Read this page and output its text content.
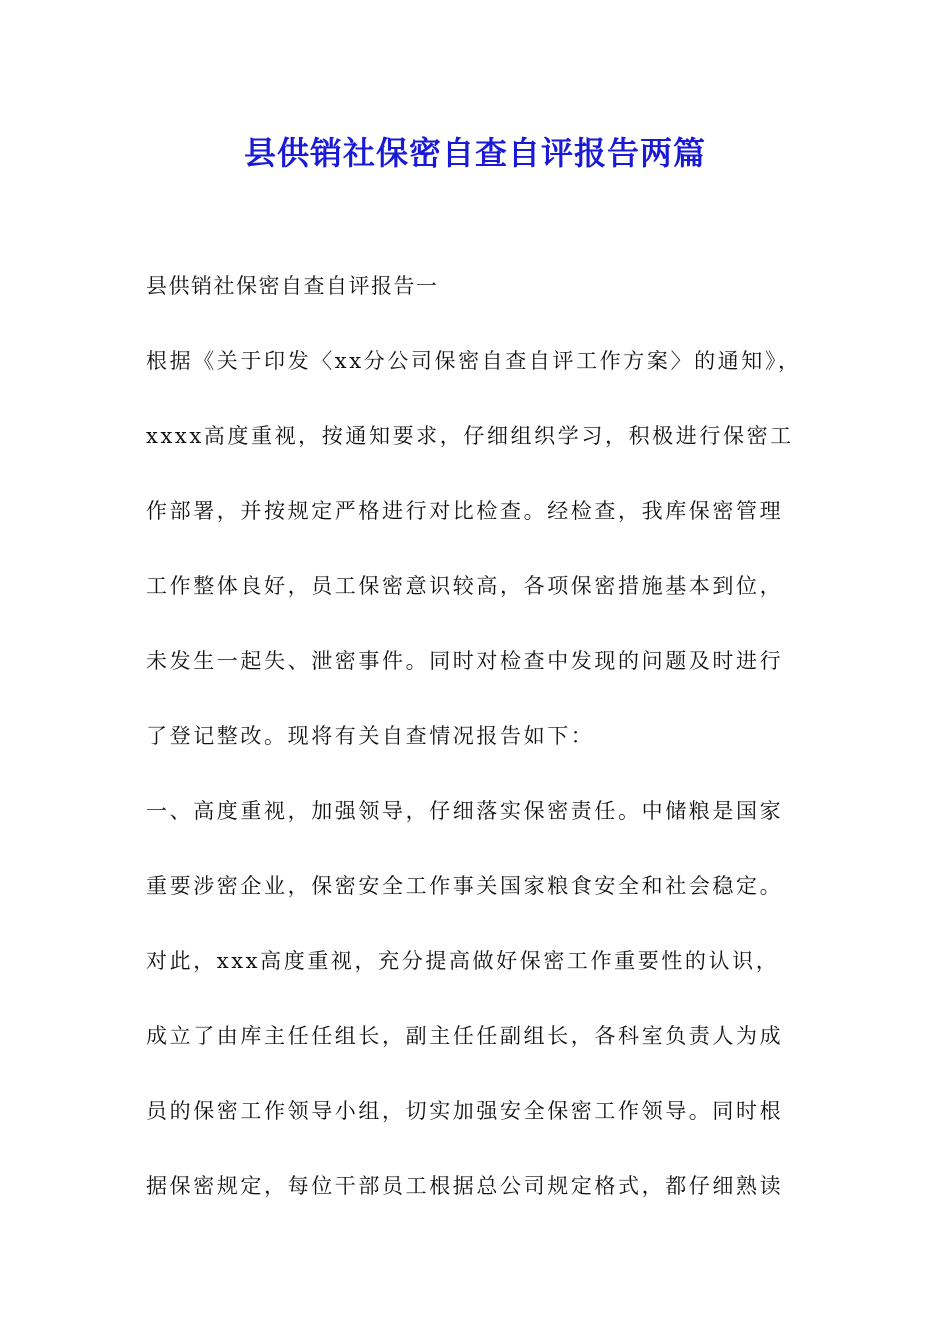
县供销社保密自查自评报告两篇
县供销社保密自查自评报告一
根据《关于印发〈xx分公司保密自查自评工作方案〉的通知》，
xxxx高度重视，按通知要求，仔细组织学习，积极进行保密工
作部署，并按规定严格进行对比检查。经检查，我库保密管理
工作整体良好，员工保密意识较高，各项保密措施基本到位，
未发生一起失、泄密事件。同时对检查中发现的问题及时进行
了登记整改。现将有关自查情况报告如下：
一、高度重视，加强领导，仔细落实保密责任。中储粮是国家
重要涉密企业，保密安全工作事关国家粮食安全和社会稳定。
对此，xxx高度重视，充分提高做好保密工作重要性的认识，
成立了由库主任任组长，副主任任副组长，各科室负责人为成
员的保密工作领导小组，切实加强安全保密工作领导。同时根
据保密规定，每位干部员工根据总公司规定格式，都仔细熟读
